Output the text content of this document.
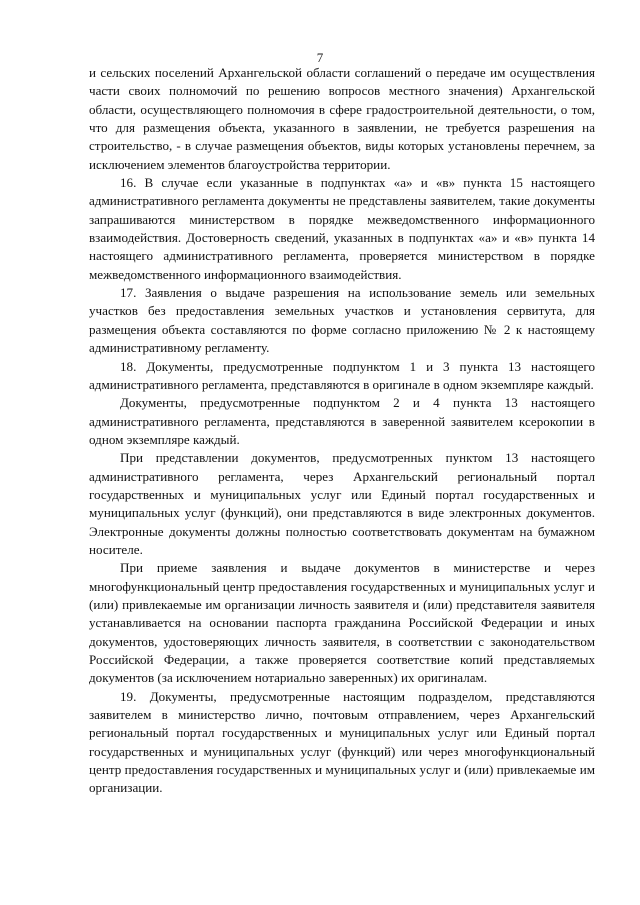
7

и сельских поселений Архангельской области соглашений о передаче им осуществления части своих полномочий по решению вопросов местного значения) Архангельской области, осуществляющего полномочия в сфере градостроительной деятельности, о том, что для размещения объекта, указанного в заявлении, не требуется разрешения на строительство, - в случае размещения объектов, виды которых установлены перечнем, за исключением элементов благоустройства территории.

16. В случае если указанные в подпунктах «а» и «в» пункта 15 настоящего административного регламента документы не представлены заявителем, такие документы запрашиваются министерством в порядке межведомственного информационного взаимодействия. Достоверность сведений, указанных в подпунктах «а» и «в» пункта 14 настоящего административного регламента, проверяется министерством в порядке межведомственного информационного взаимодействия.

17. Заявления о выдаче разрешения на использование земель или земельных участков без предоставления земельных участков и установления сервитута, для размещения объекта составляются по форме согласно приложению № 2 к настоящему административному регламенту.

18. Документы, предусмотренные подпунктом 1 и 3 пункта 13 настоящего административного регламента, представляются в оригинале в одном экземпляре каждый.

Документы, предусмотренные подпунктом 2 и 4 пункта 13 настоящего административного регламента, представляются в заверенной заявителем ксерокопии в одном экземпляре каждый.

При представлении документов, предусмотренных пунктом 13 настоящего административного регламента, через Архангельский региональный портал государственных и муниципальных услуг или Единый портал государственных и муниципальных услуг (функций), они представляются в виде электронных документов. Электронные документы должны полностью соответствовать документам на бумажном носителе.

При приеме заявления и выдаче документов в министерстве и через многофункциональный центр предоставления государственных и муниципальных услуг и (или) привлекаемые им организации личность заявителя и (или) представителя заявителя устанавливается на основании паспорта гражданина Российской Федерации и иных документов, удостоверяющих личность заявителя, в соответствии с законодательством Российской Федерации, а также проверяется соответствие копий представляемых документов (за исключением нотариально заверенных) их оригиналам.

19. Документы, предусмотренные настоящим подразделом, представляются заявителем в министерство лично, почтовым отправлением, через Архангельский региональный портал государственных и муниципальных услуг или Единый портал государственных и муниципальных услуг (функций) или через многофункциональный центр предоставления государственных и муниципальных услуг и (или) привлекаемые им организации.
